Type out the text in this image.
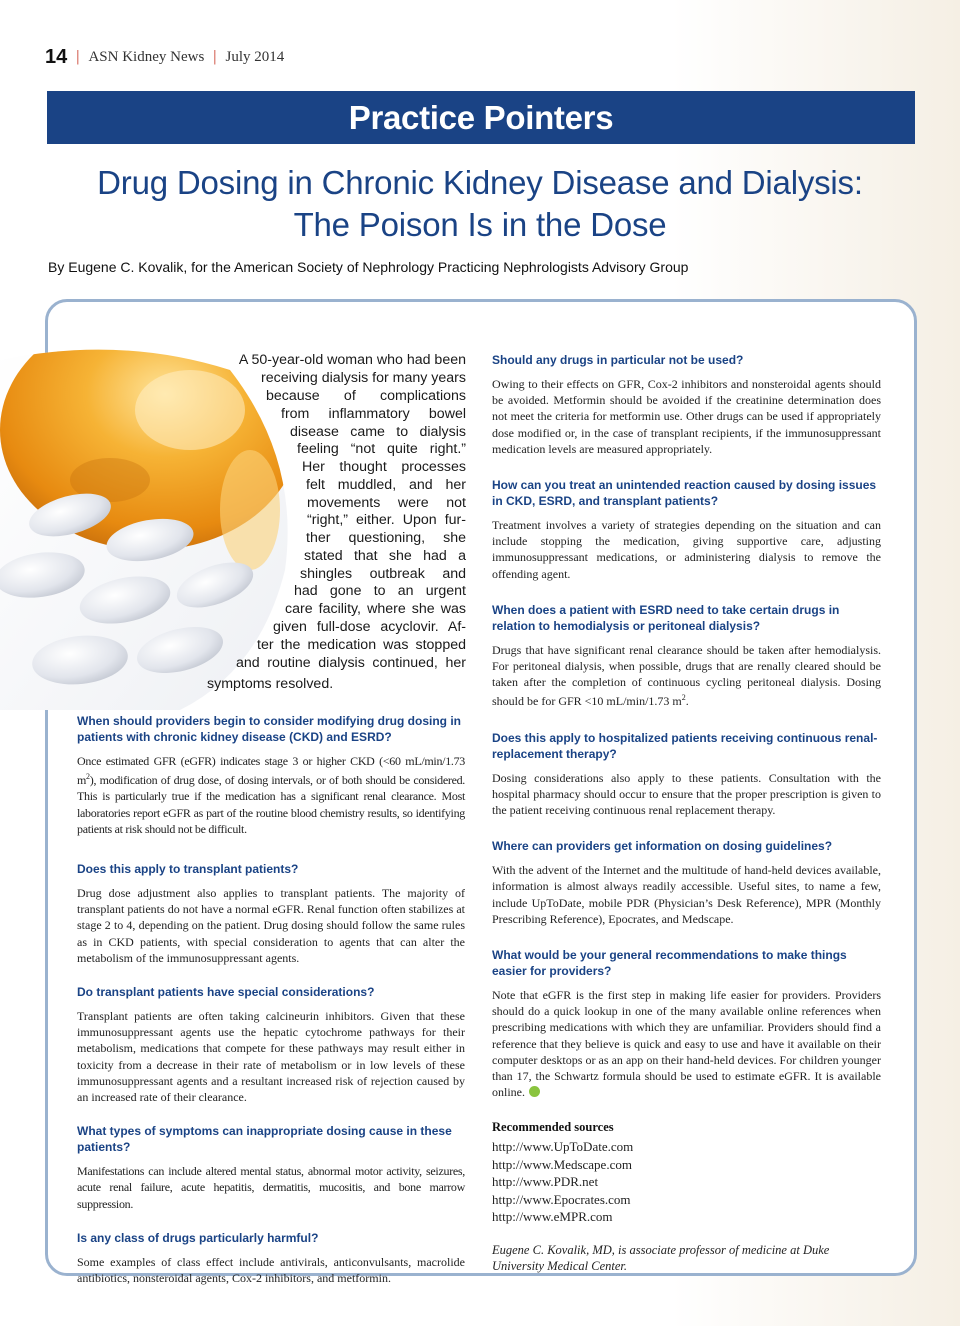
14 | ASN Kidney News | July 2014
Practice Pointers
Drug Dosing in Chronic Kidney Disease and Dialysis:
The Poison Is in the Dose
By Eugene C. Kovalik, for the American Society of Nephrology Practicing Nephrologists Advisory Group

A 50-year-old woman who had been

receiving dialysis for many years

because of complications

from inflammatory bowel

disease came to dialysis

feeling “not quite right.”

Her thought processes

felt muddled, and her

movements were not

“right,” either. Upon fur-

ther questioning, she

stated that she had a

shingles outbreak and

had gone to an urgent

care facility, where she was

given full-dose acyclovir. Af-

ter the medication was stopped

and routine dialysis continued, her

symptoms resolved.

When should providers begin to consider modifying drug dosing in patients with chronic kidney disease (CKD) and ESRD?

Once estimated GFR (eGFR) indicates stage 3 or higher CKD (<60 mL/min/1.73 $m^2$), modification of drug dose, of dosing intervals, or of both should be considered. This is particularly true if the medication has a significant renal clearance. Most laboratories report eGFR as part of the routine blood chemistry results, so identifying patients at risk should not be difficult.

Does this apply to transplant patients?

Drug dose adjustment also applies to transplant patients. The majority of transplant patients do not have a normal eGFR. Renal function often stabilizes at stage 2 to 4, depending on the patient. Drug dosing should follow the same rules as in CKD patients, with special consideration to agents that can alter the metabolism of the immunosuppressant agents.

Do transplant patients have special considerations?

Transplant patients are often taking calcineurin inhibitors. Given that these immunosuppressant agents use the hepatic cytochrome pathways for their metabolism, medications that compete for these pathways may result either in toxicity from a decrease in their rate of metabolism or in low levels of these immunosuppressant agents and a resultant increased risk of rejection caused by an increased rate of their clearance.

What types of symptoms can inappropriate dosing cause in these patients?

Manifestations can include altered mental status, abnormal motor activity, seizures, acute renal failure, acute hepatitis, dermatitis, mucositis, and bone marrow suppression.

Is any class of drugs particularly harmful?

Some examples of class effect include antivirals, anticonvulsants, macrolide antibiotics, nonsteroidal agents, Cox-2 inhibitors, and metformin.

Should any drugs in particular not be used?

Owing to their effects on GFR, Cox-2 inhibitors and nonsteroidal agents should be avoided. Metformin should be avoided if the creatinine determination does not meet the criteria for metformin use. Other drugs can be used if appropriately dose modified or, in the case of transplant recipients, if the immunosuppressant medication levels are measured appropriately.

How can you treat an unintended reaction caused by dosing issues in CKD, ESRD, and transplant patients?

Treatment involves a variety of strategies depending on the situation and can include stopping the medication, giving supportive care, adjusting immunosuppressant medications, or administering dialysis to remove the offending agent.

When does a patient with ESRD need to take certain drugs in relation to hemodialysis or peritoneal dialysis?

Drugs that have significant renal clearance should be taken after hemodialysis. For peritoneal dialysis, when possible, drugs that are renally cleared should be taken after the completion of continuous cycling peritoneal dialysis. Dosing should be for GFR <10 mL/min/1.73 $m^2$.

Does this apply to hospitalized patients receiving continuous renal-replacement therapy?

Dosing considerations also apply to these patients. Consultation with the hospital pharmacy should occur to ensure that the proper prescription is given to the patient receiving continuous renal replacement therapy.

Where can providers get information on dosing guidelines?

With the advent of the Internet and the multitude of hand-held devices available, information is almost always readily accessible. Useful sites, to name a few, include UpToDate, mobile PDR (Physician’s Desk Reference), MPR (Monthly Prescribing Reference), Epocrates, and Medscape.

What would be your general recommendations to make things easier for providers?

Note that eGFR is the first step in making life easier for providers. Providers should do a quick lookup in one of the many available online references when prescribing medications with which they are unfamiliar. Providers should find a reference that they believe is quick and easy to use and have it available on their computer desktops or as an app on their hand-held devices. For children younger than 17, the Schwartz formula should be used to estimate eGFR. It is available online.

Recommended sources

http://www.UpToDate.com
http://www.Medscape.com
http://www.PDR.net
http://www.Epocrates.com
http://www.eMPR.com

Eugene C. Kovalik, MD, is associate professor of medicine at Duke University Medical Center.
